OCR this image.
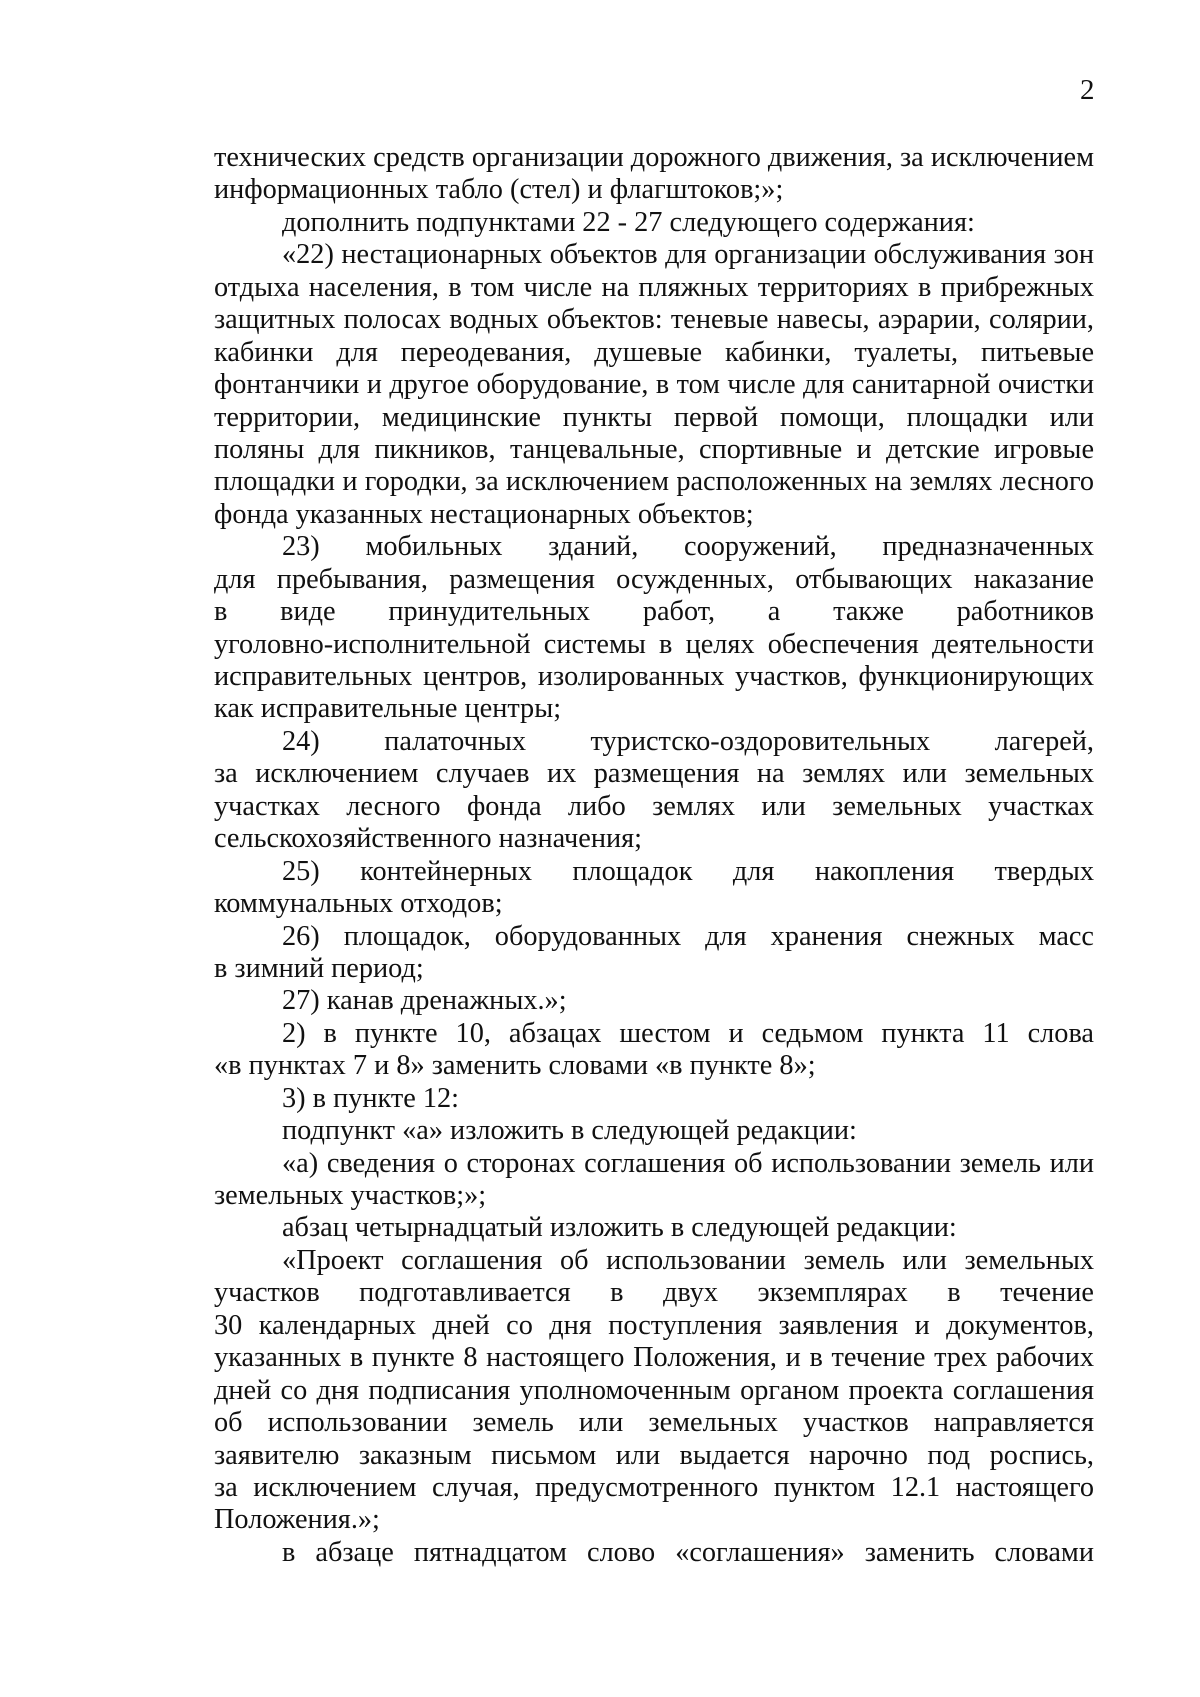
2
технических средств организации дорожного движения, за исключением
информационных табло (стел) и флагштоков;»;
дополнить подпунктами 22 - 27 следующего содержания:
«22) нестационарных объектов для организации обслуживания зон
отдыха населения, в том числе на пляжных территориях в прибрежных
защитных полосах водных объектов: теневые навесы, аэрарии, солярии,
кабинки для переодевания, душевые кабинки, туалеты, питьевые
фонтанчики и другое оборудование, в том числе для санитарной очистки
территории, медицинские пункты первой помощи, площадки или
поляны для пикников, танцевальные, спортивные и детские игровые
площадки и городки, за исключением расположенных на землях лесного
фонда указанных нестационарных объектов;
23) мобильных зданий, сооружений, предназначенных
для пребывания, размещения осужденных, отбывающих наказание
в виде принудительных работ, а также работников
уголовно-исполнительной системы в целях обеспечения деятельности
исправительных центров, изолированных участков, функционирующих
как исправительные центры;
24) палаточных туристско-оздоровительных лагерей,
за исключением случаев их размещения на землях или земельных
участках лесного фонда либо землях или земельных участках
сельскохозяйственного назначения;
25) контейнерных площадок для накопления твердых
коммунальных отходов;
26) площадок, оборудованных для хранения снежных масс
в зимний период;
27) канав дренажных.»;
2) в пункте 10, абзацах шестом и седьмом пункта 11 слова
«в пунктах 7 и 8» заменить словами «в пункте 8»;
3) в пункте 12:
подпункт «а» изложить в следующей редакции:
«а) сведения о сторонах соглашения об использовании земель или
земельных участков;»;
абзац четырнадцатый изложить в следующей редакции:
«Проект соглашения об использовании земель или земельных
участков подготавливается в двух экземплярах в течение
30 календарных дней со дня поступления заявления и документов,
указанных в пункте 8 настоящего Положения, и в течение трех рабочих
дней со дня подписания уполномоченным органом проекта соглашения
об использовании земель или земельных участков направляется
заявителю заказным письмом или выдается нарочно под роспись,
за исключением случая, предусмотренного пунктом 12.1 настоящего
Положения.»;
в абзаце пятнадцатом слово «соглашения» заменить словами
